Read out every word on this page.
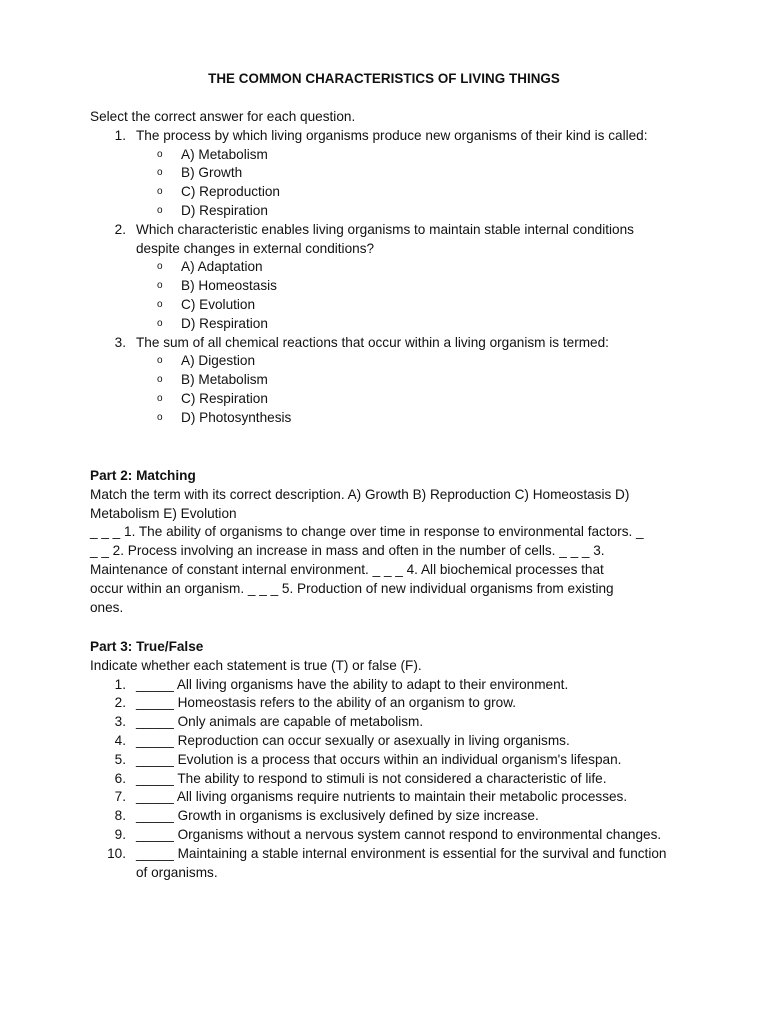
THE COMMON CHARACTERISTICS OF LIVING THINGS
Select the correct answer for each question.
1. The process by which living organisms produce new organisms of their kind is called:
o A) Metabolism
o B) Growth
o C) Reproduction
o D) Respiration
2. Which characteristic enables living organisms to maintain stable internal conditions despite changes in external conditions?
o A) Adaptation
o B) Homeostasis
o C) Evolution
o D) Respiration
3. The sum of all chemical reactions that occur within a living organism is termed:
o A) Digestion
o B) Metabolism
o C) Respiration
o D) Photosynthesis
Part 2: Matching
Match the term with its correct description. A) Growth B) Reproduction C) Homeostasis D) Metabolism E) Evolution
_ _ _ 1. The ability of organisms to change over time in response to environmental factors. _
_ _ 2. Process involving an increase in mass and often in the number of cells. _ _ _ 3.
Maintenance of constant internal environment. _ _ _ 4. All biochemical processes that
occur within an organism. _ _ _ 5. Production of new individual organisms from existing
ones.
Part 3: True/False
Indicate whether each statement is true (T) or false (F).
1. _____ All living organisms have the ability to adapt to their environment.
2. _____ Homeostasis refers to the ability of an organism to grow.
3. _____ Only animals are capable of metabolism.
4. _____ Reproduction can occur sexually or asexually in living organisms.
5. _____ Evolution is a process that occurs within an individual organism's lifespan.
6. _____ The ability to respond to stimuli is not considered a characteristic of life.
7. _____ All living organisms require nutrients to maintain their metabolic processes.
8. _____ Growth in organisms is exclusively defined by size increase.
9. _____ Organisms without a nervous system cannot respond to environmental changes.
10. _____ Maintaining a stable internal environment is essential for the survival and function of organisms.
